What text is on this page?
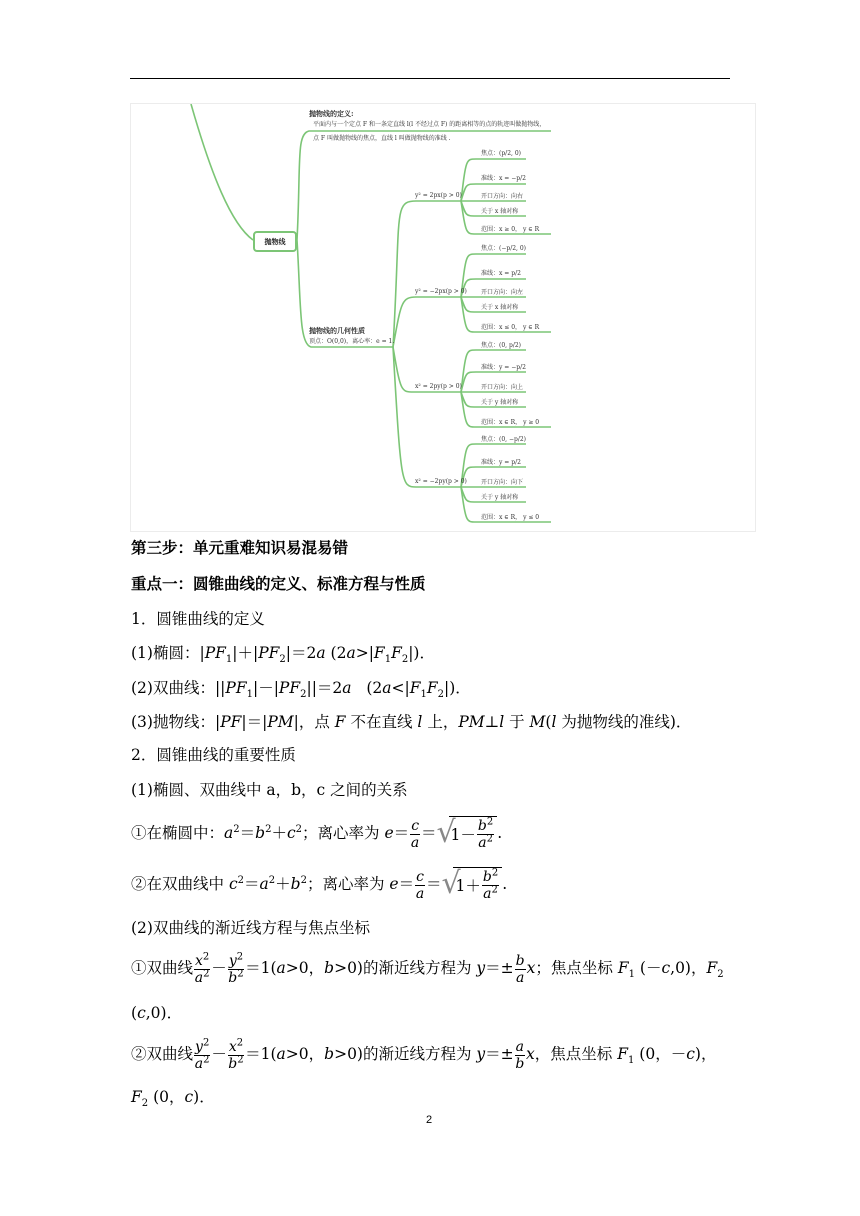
抛物线
抛物线的定义:
平面内与一个定点 F 和一条定直线 l(l 不经过点 F) 的距离相等的点的轨迹叫做抛物线，
点 F 叫做抛物线的焦点，直线 l 叫做抛物线的准线 .
抛物线的几何性质
顶点：O(0,0)，离心率：e = 1.
y² = 2px(p > 0)
焦点：(p/2, 0)
准线：x = −p/2
开口方向：向右
关于 x 轴对称
范围：x ≥ 0， y ∈ R
y² = −2px(p > 0)
焦点：(−p/2, 0)
准线：x = p/2
开口方向：向左
关于 x 轴对称
范围：x ≤ 0， y ∈ R
x² = 2py(p > 0)
焦点：(0, p/2)
准线：y = −p/2
开口方向：向上
关于 y 轴对称
范围：x ∈ R， y ≥ 0
x² = −2py(p > 0)
焦点：(0, −p/2)
准线：y = p/2
开口方向：向下
关于 y 轴对称
范围：x ∈ R， y ≤ 0
第三步：单元重难知识易混易错
重点一：圆锥曲线的定义、标准方程与性质
1．圆锥曲线的定义
(1)椭圆：$|PF_1|+|PF_2|=2a$ $(2a>|F_1F_2|)$．
(2)双曲线：$||PF_1|-|PF_2||=2a$   $(2a<|F_1F_2|)$．
(3)抛物线：|PF|＝|PM|，点 F 不在直线 l 上，PM⊥l 于 M(l 为抛物线的准线)．
2．圆锥曲线的重要性质
(1)椭圆、双曲线中 a，b，c 之间的关系
①在椭圆中：$a^2=b^2+c^2$；离心率为 $e= \frac{c}{a}$ ＝ √
$1- \frac{b^2}{a^2}$ .
②在双曲线中 $c^2=a^2+b^2$；离心率为 $e= \frac{c}{a}$ ＝ √
$1+ \frac{b^2}{a^2}$ .
(2)双曲线的渐近线方程与焦点坐标
①双曲线 $\frac{x^2}{a^2} - \frac{y^2}{b^2} =1(a>0$，b>0)的渐近线方程为 $y=\pm \frac{b}{a}$ x；焦点坐标 $F_1$ (－c,0)，$F_2$
(c,0)．
②双曲线 $\frac{y^2}{a^2} - \frac{x^2}{b^2} =1(a>0$，b>0)的渐近线方程为 $y=\pm \frac{a}{b}$ x，焦点坐标 $F_1$ (0，－c)，
$F_2$ (0，c)．
2
